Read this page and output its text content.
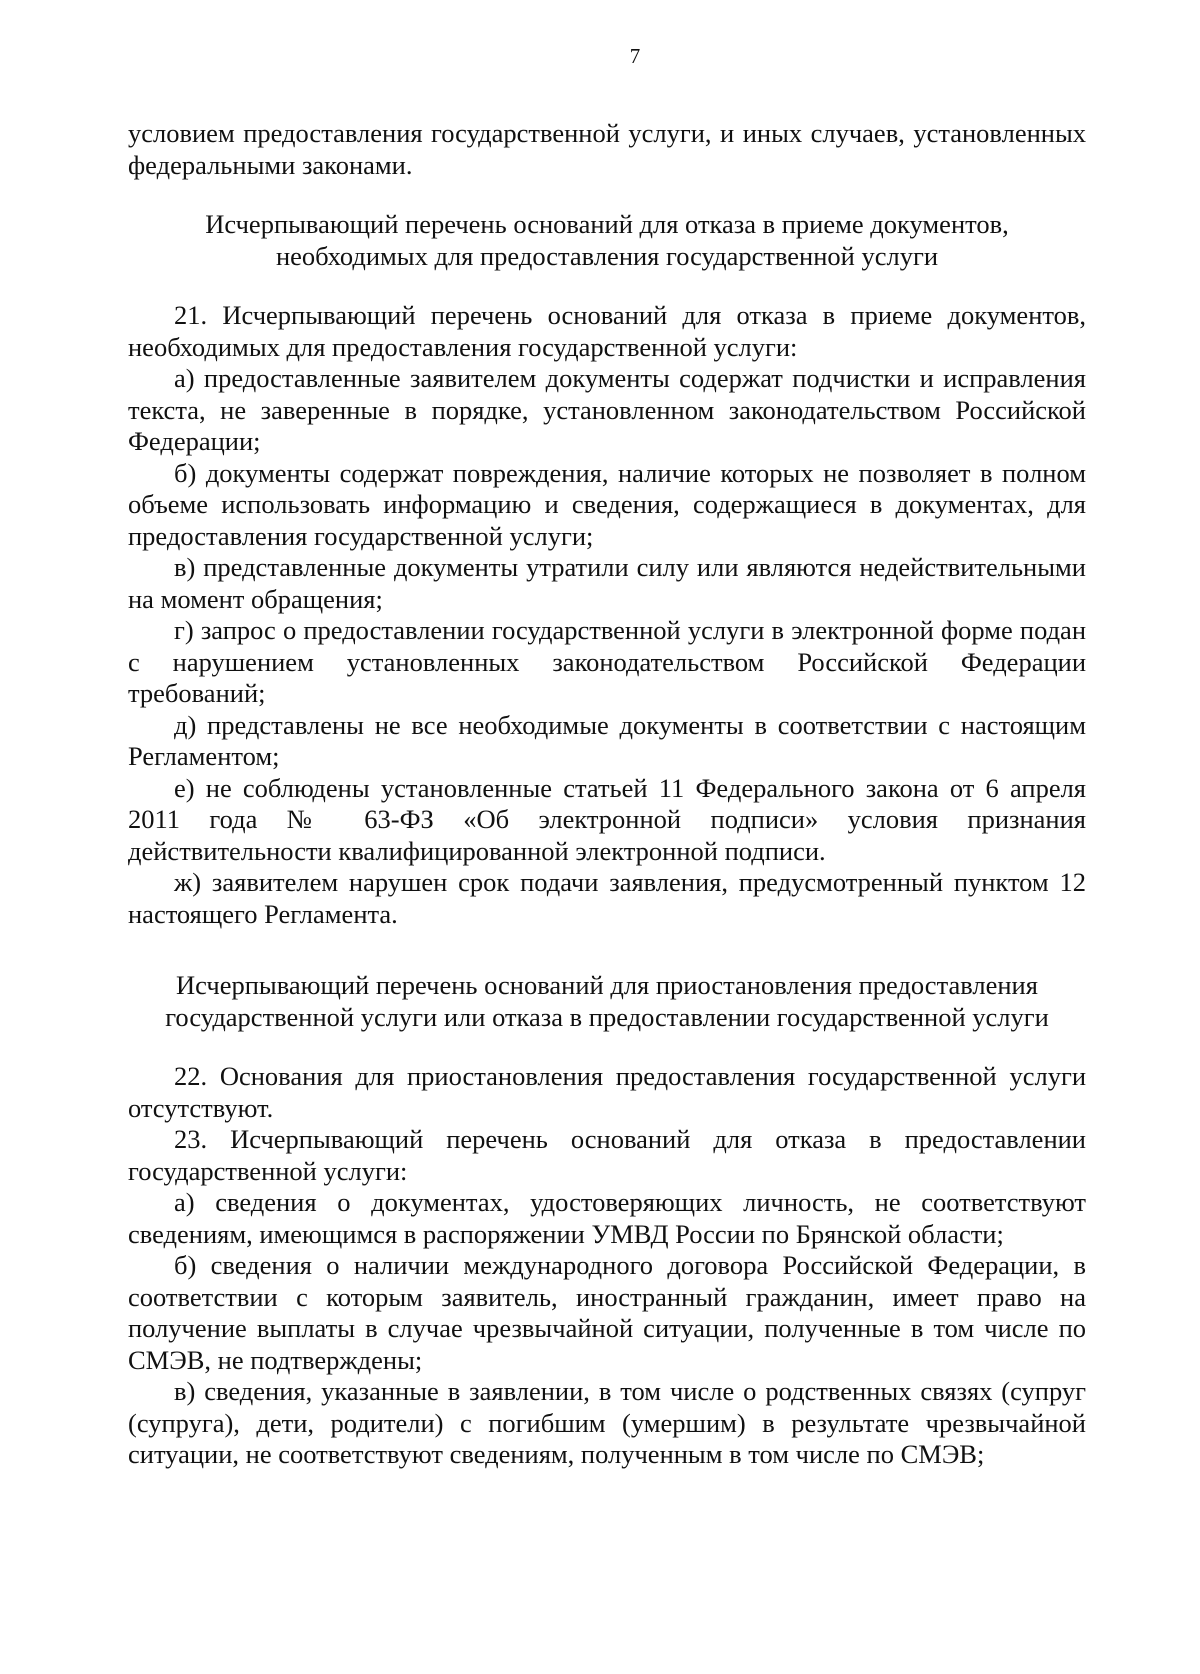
7

условием предоставления государственной услуги, и иных случаев, установленных федеральными законами.

Исчерпывающий перечень оснований для отказа в приеме документов,
необходимых для предоставления государственной услуги

21. Исчерпывающий перечень оснований для отказа в приеме документов, необходимых для предоставления государственной услуги:

а) предоставленные заявителем документы содержат подчистки и исправления текста, не заверенные в порядке, установленном законодательством Российской Федерации;

б) документы содержат повреждения, наличие которых не позволяет в полном объеме использовать информацию и сведения, содержащиеся в документах, для предоставления государственной услуги;

в) представленные документы утратили силу или являются недействительными на момент обращения;

г) запрос о предоставлении государственной услуги в электронной форме подан с нарушением установленных законодательством Российской Федерации требований;

д) представлены не все необходимые документы в соответствии с настоящим Регламентом;

е) не соблюдены установленные статьей 11 Федерального закона от 6 апреля 2011 года № 63-ФЗ «Об электронной подписи» условия признания действительности квалифицированной электронной подписи.

ж) заявителем нарушен срок подачи заявления, предусмотренный пунктом 12 настоящего Регламента.

Исчерпывающий перечень оснований для приостановления предоставления
государственной услуги или отказа в предоставлении государственной услуги

22. Основания для приостановления предоставления государственной услуги отсутствуют.

23. Исчерпывающий перечень оснований для отказа в предоставлении государственной услуги:

а) сведения о документах, удостоверяющих личность, не соответствуют сведениям, имеющимся в распоряжении УМВД России по Брянской области;

б) сведения о наличии международного договора Российской Федерации, в соответствии с которым заявитель, иностранный гражданин, имеет право на получение выплаты в случае чрезвычайной ситуации, полученные в том числе по СМЭВ, не подтверждены;

в) сведения, указанные в заявлении, в том числе о родственных связях (супруг (супруга), дети, родители) с погибшим (умершим) в результате чрезвычайной ситуации, не соответствуют сведениям, полученным в том числе по СМЭВ;
